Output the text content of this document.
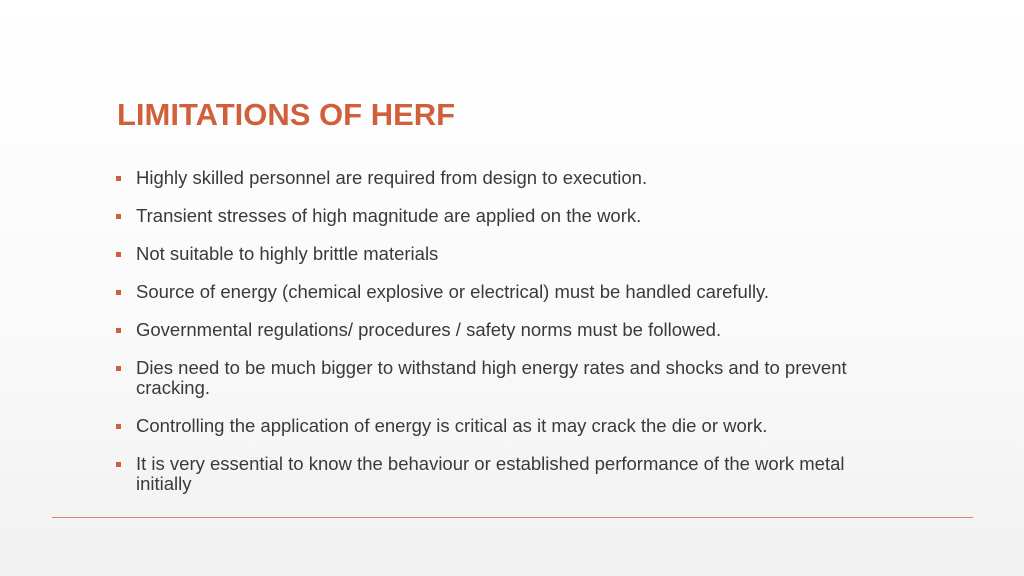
LIMITATIONS OF HERF
Highly skilled personnel are required from design to execution.
Transient stresses of high magnitude are applied on the work.
Not suitable to highly brittle materials
Source of energy (chemical explosive or electrical) must be handled carefully.
Governmental regulations/ procedures / safety norms must be followed.
Dies need to be much bigger to withstand high energy rates and shocks and to prevent cracking.
Controlling the application of energy is critical as it may crack the die or work.
It is very essential to know the behaviour or established performance of the work metal initially
